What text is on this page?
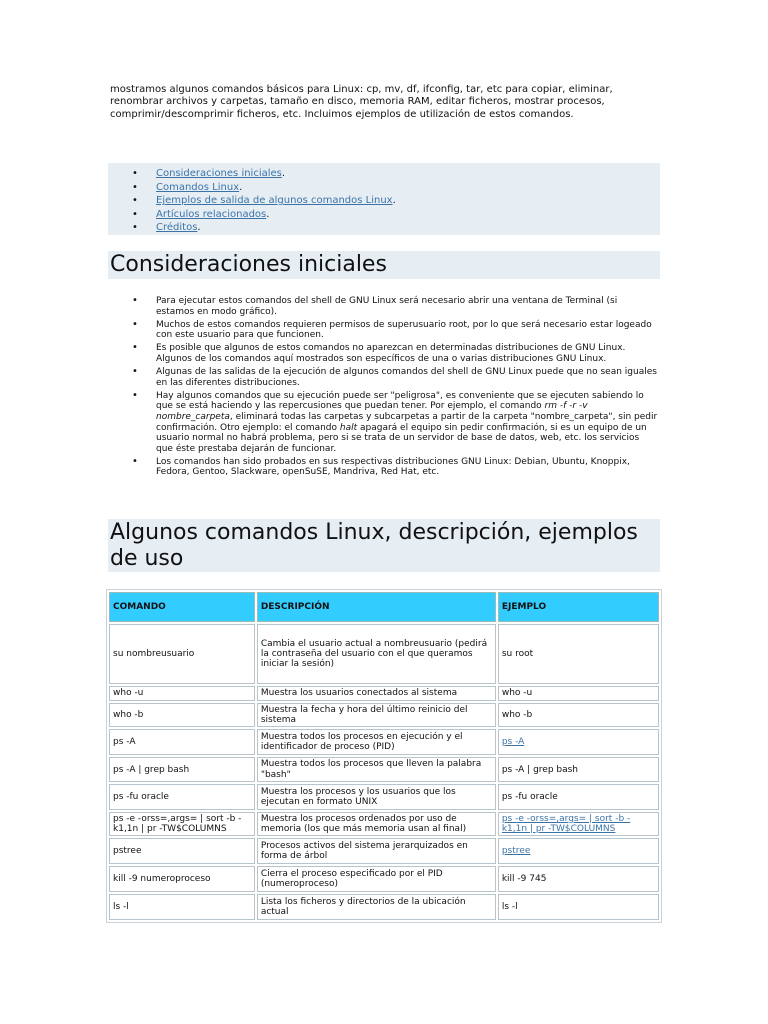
mostramos algunos comandos básicos para Linux: cp, mv, df, ifconfig, tar, etc para copiar, eliminar, renombrar archivos y carpetas, tamaño en disco, memoria RAM, editar ficheros, mostrar procesos, comprimir/descomprimir ficheros, etc. Incluimos ejemplos de utilización de estos comandos.

• Consideraciones iniciales.
• Comandos Linux.
• Ejemplos de salida de algunos comandos Linux.
• Artículos relacionados.
• Créditos.
Consideraciones iniciales
• Para ejecutar estos comandos del shell de GNU Linux será necesario abrir una ventana de Terminal (si estamos en modo gráfico).
• Muchos de estos comandos requieren permisos de superusuario root, por lo que será necesario estar logeado con este usuario para que funcionen.
• Es posible que algunos de estos comandos no aparezcan en determinadas distribuciones de GNU Linux. Algunos de los comandos aquí mostrados son específicos de una o varias distribuciones GNU Linux.
• Algunas de las salidas de la ejecución de algunos comandos del shell de GNU Linux puede que no sean iguales en las diferentes distribuciones.
• Hay algunos comandos que su ejecución puede ser "peligrosa", es conveniente que se ejecuten sabiendo lo que se está haciendo y las repercusiones que puedan tener. Por ejemplo, el comando rm -f -r -v nombre_carpeta, eliminará todas las carpetas y subcarpetas a partir de la carpeta "nombre_carpeta", sin pedir confirmación. Otro ejemplo: el comando halt apagará el equipo sin pedir confirmación, si es un equipo de un usuario normal no habrá problema, pero si se trata de un servidor de base de datos, web, etc. los servicios que éste prestaba dejarán de funcionar.
• Los comandos han sido probados en sus respectivas distribuciones GNU Linux: Debian, Ubuntu, Knoppix, Fedora, Gentoo, Slackware, openSuSE, Mandriva, Red Hat, etc.
Algunos comandos Linux, descripción, ejemplos de uso
COMANDO	DESCRIPCIÓN	EJEMPLO
su nombreusuario	Cambia el usuario actual a nombreusuario (pedirá la contraseña del usuario con el que queramos iniciar la sesión)	su root
who -u	Muestra los usuarios conectados al sistema	who -u
who -b	Muestra la fecha y hora del último reinicio del sistema	who -b
ps -A	Muestra todos los procesos en ejecución y el identificador de proceso (PID)	ps -A
ps -A | grep bash	Muestra todos los procesos que lleven la palabra "bash"	ps -A | grep bash
ps -fu oracle	Muestra los procesos y los usuarios que los ejecutan en formato UNIX	ps -fu oracle
ps -e -orss=,args= | sort -b -k1,1n | pr -TW$COLUMNS	Muestra los procesos ordenados por uso de memoria (los que más memoria usan al final)	ps -e -orss=,args= | sort -b -k1,1n | pr -TW$COLUMNS
pstree	Procesos activos del sistema jerarquizados en forma de árbol	pstree
kill -9 numeroproceso	Cierra el proceso especificado por el PID (numeroproceso)	kill -9 745
ls -l	Lista los ficheros y directorios de la ubicación actual	ls -l
